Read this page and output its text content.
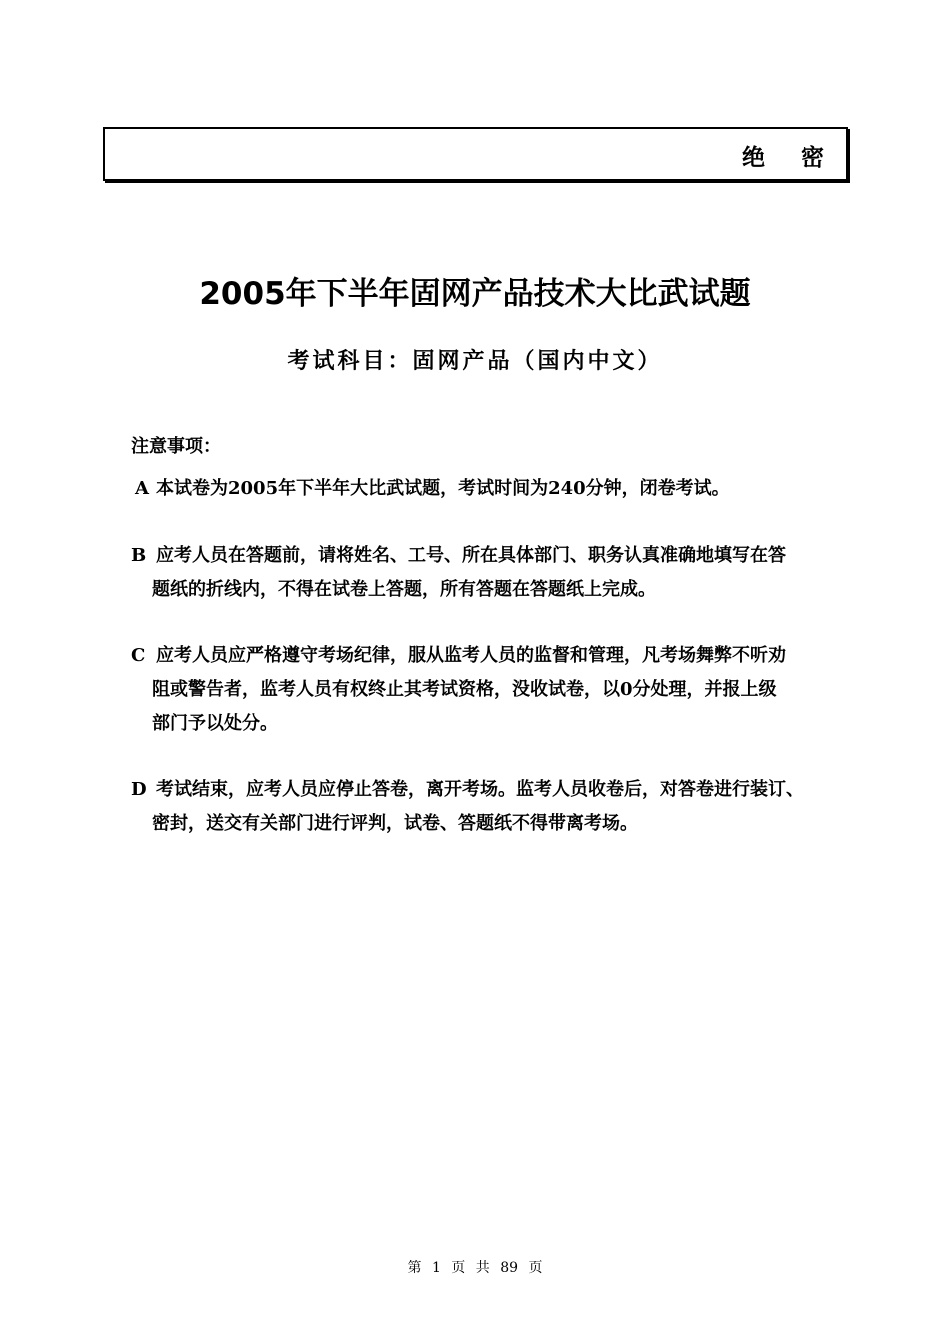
绝 密
2005年下半年固网产品技术大比武试题
考试科目：固网产品（国内中文）
注意事项：
A 本试卷为2005年下半年大比武试题，考试时间为240分钟，闭卷考试。
B 应考人员在答题前，请将姓名、工号、所在具体部门、职务认真准确地填写在答
题纸的折线内，不得在试卷上答题，所有答题在答题纸上完成。
C 应考人员应严格遵守考场纪律，服从监考人员的监督和管理，凡考场舞弊不听劝
阻或警告者，监考人员有权终止其考试资格，没收试卷，以0分处理，并报上级
部门予以处分。
D 考试结束，应考人员应停止答卷，离开考场。监考人员收卷后，对答卷进行装订、
密封，送交有关部门进行评判，试卷、答题纸不得带离考场。
第 1 页 共 89 页
